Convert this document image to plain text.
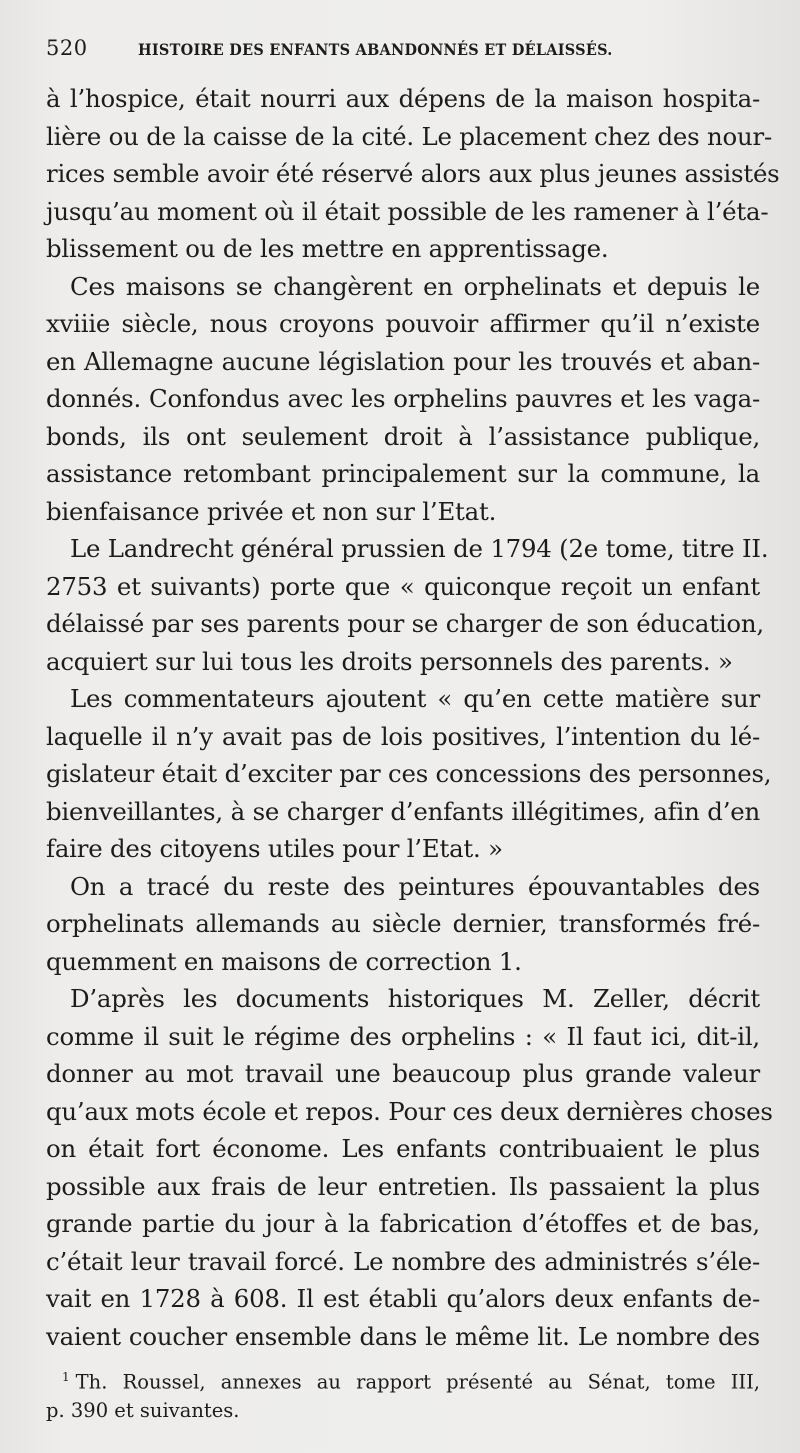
520	HISTOIRE DES ENFANTS ABANDONNÉS ET DÉLAISSÉS.
à l’hospice, était nourri aux dépens de la maison hospita-
lière ou de la caisse de la cité. Le placement chez des nour-
rices semble avoir été réservé alors aux plus jeunes assistés
jusqu’au moment où il était possible de les ramener à l’éta-
blissement ou de les mettre en apprentissage.
Ces maisons se changèrent en orphelinats et depuis le
xviiie siècle, nous croyons pouvoir affirmer qu’il n’existe
en Allemagne aucune législation pour les trouvés et aban-
donnés. Confondus avec les orphelins pauvres et les vaga-
bonds, ils ont seulement droit à l’assistance publique,
assistance retombant principalement sur la commune, la
bienfaisance privée et non sur l’Etat.
Le Landrecht général prussien de 1794 (2e tome, titre II.
2753 et suivants) porte que « quiconque reçoit un enfant
délaissé par ses parents pour se charger de son éducation,
acquiert sur lui tous les droits personnels des parents. »
Les commentateurs ajoutent « qu’en cette matière sur
laquelle il n’y avait pas de lois positives, l’intention du lé-
gislateur était d’exciter par ces concessions des personnes,
bienveillantes, à se charger d’enfants illégitimes, afin d’en
faire des citoyens utiles pour l’Etat. »
On a tracé du reste des peintures épouvantables des
orphelinats allemands au siècle dernier, transformés fré-
quemment en maisons de correction 1.
D’après les documents historiques M. Zeller, décrit
comme il suit le régime des orphelins : « Il faut ici, dit-il,
donner au mot travail une beaucoup plus grande valeur
qu’aux mots école et repos. Pour ces deux dernières choses
on était fort économe. Les enfants contribuaient le plus
possible aux frais de leur entretien. Ils passaient la plus
grande partie du jour à la fabrication d’étoffes et de bas,
c’était leur travail forcé. Le nombre des administrés s’éle-
vait en 1728 à 608. Il est établi qu’alors deux enfants de-
vaient coucher ensemble dans le même lit. Le nombre des
$^1$ Th. Roussel, annexes au rapport présenté au Sénat, tome III,
p. 390 et suivantes.
